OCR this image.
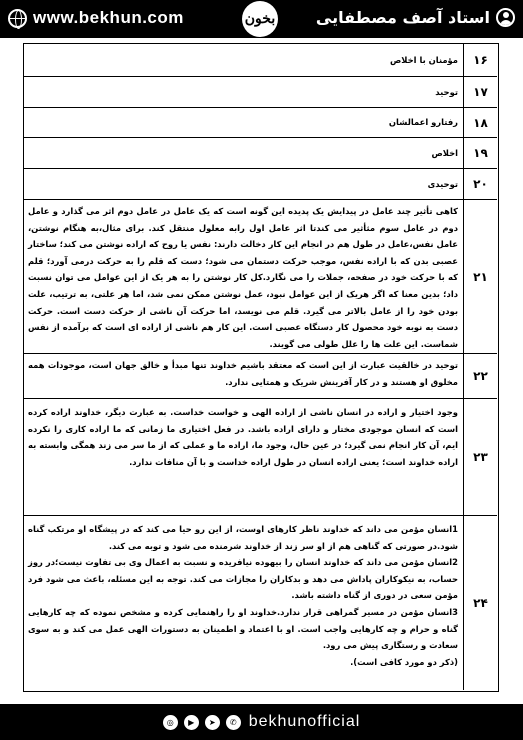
www.bekhun.com	بخون	استاد آصف مصطفایی
۱۶
مؤمنان با اخلاص
۱۷
توحید
۱۸
رفتارو اعمالشان
۱۹
اخلاص
۲۰
توحیدی
۲۱
کاهی تأثیر چند عامل در پیدایش یک پدیده این گونه است که یک عامل در عامل دوم اثر می گذارد و عامل دوم در عامل سوم مثأثیر می کندتا اثر عامل اول رابه معلول منتقل کند. برای مثال،به هنگام نوشتن، عامل نفس،عامل در طول هم در انجام این کار دخالت دارند: نفس یا روح که اراده نوشتن می کند؛ ساختار عصبی بدن که با اراده نفس، موجب حرکت دستمان می شود؛ دست که قلم را به حرکت درمی آورد؛ قلم که با حرکت خود در صفحه، جملات را می نگارد.کل کار نوشتن را به هر یک از این عوامل می توان نسبت داد؛ بدین معنا که اگر هریک از این عوامل نبود، عمل نوشتن ممکن نمی شد، اما هر علتی، به ترتیب، علت بودن خود را از عامل بالاتر می گیرد. قلم می نویسد، اما حرکت آن ناشی از حرکت دست است. حرکت دست به نوبه خود محصول کار دستگاه عصبی است. این کار هم ناشی از اراده ای است که برآمده از نفس شماست. این علت ها را علل طولی می گویند.
۲۲
توحید در خالقیت عبارت از این است که معتقد باشیم خداوند تنها مبدأ و خالق جهان است، موجودات همه مخلوق او هستند و در کار آفرینش شریک و همتایی ندارد.
۲۳
وجود اختیار و اراده در انسان ناشی از اراده الهی و خواست خداست. به عبارت دیگر، خداوند اراده کرده است که انسان موجودی مختار و دارای اراده باشد. در فعل اختیاری ما زمانی که ما اراده کاری را نکرده ایم، آن کار انجام نمی گیرد؛ در عین حال، وجود ما، اراده ما و عملی که از ما سر می زند همگی وابسته به اراده خداوند است؛ یعنی اراده انسان در طول اراده خداست و با آن منافات ندارد.
۲۴
1انسان مؤمن می داند که خداوند ناظر کارهای اوست، از این رو حیا می کند که در پیشگاه او مرتکب گناه شود.در صورتی که گناهی هم از او سر زند از خداوند شرمنده می شود و توبه می کند.
2انسان مؤمن می داند که خداوند انسان را بیهوده نیافریده و نسبت به اعمال وی بی تفاوت نیست؛در روز حساب، به نیکوکاران پاداش می دهد و بدکاران را مجازات می کند. توجه به این مسئله، باعث می شود فرد مؤمن سعی در دوری از گناه داشته باشد.
3انسان مؤمن در مسیر گمراهی قرار ندارد.خداوند او را راهنمایی کرده و مشخص نموده که چه کارهایی گناه و حرام و چه کارهایی واجب است. او با اعتماد و اطمینان به دستورات الهی عمل می کند و به سوی سعادت و رستگاری پیش می رود.
(ذکر دو مورد کافی است).
◎	▶	➤	✆ bekhunofficial
